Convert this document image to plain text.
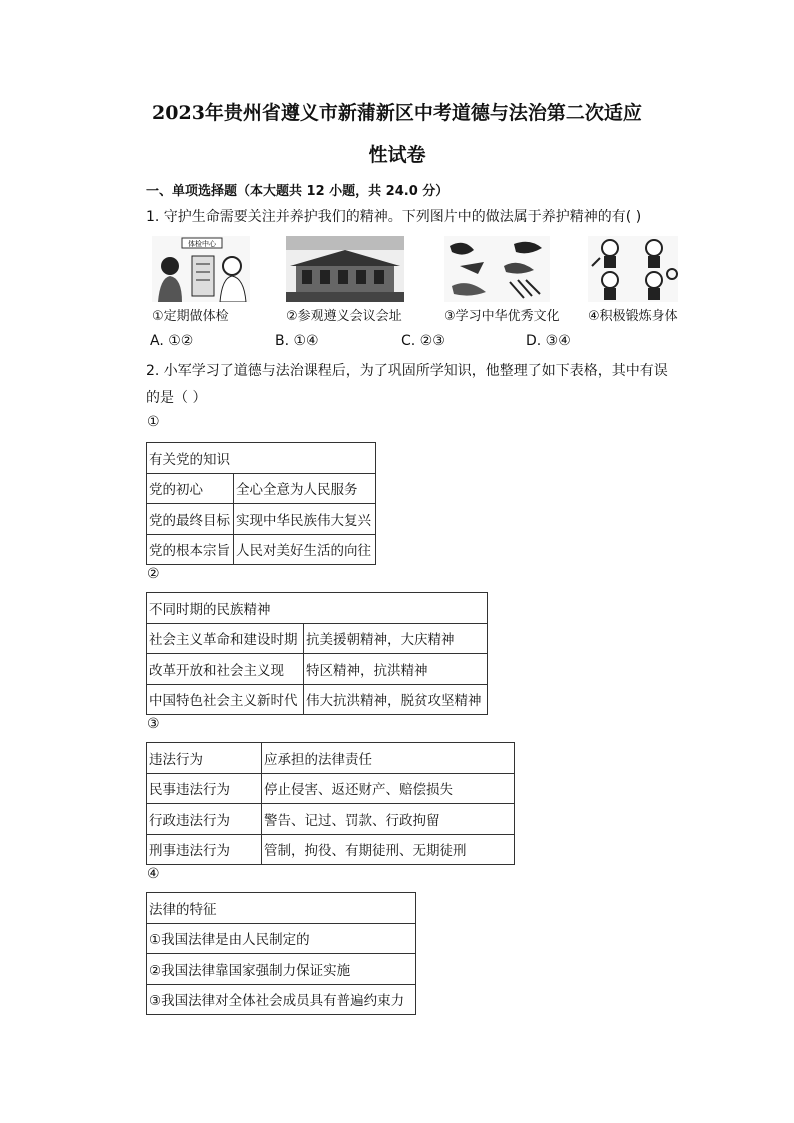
2023年贵州省遵义市新蒲新区中考道德与法治第二次适应
性试卷
一、单项选择题（本大题共 12 小题，共 24.0 分）
1. 守护生命需要关注并养护我们的精神。下列图片中的做法属于养护精神的有( )
体检中心
①定期做体检	②参观遵义会议会址	③学习中华优秀文化 ④积极锻炼身体
A. ①②	B. ①④	C. ②③	D. ③④
2. 小军学习了道德与法治课程后，为了巩固所学知识，他整理了如下表格，其中有误
的是（ ）
①
有关党的知识	
党的初心	全心全意为人民服务
党的最终目标	实现中华民族伟大复兴
党的根本宗旨	人民对美好生活的向往
②
不同时期的民族精神	
社会主义革命和建设时期	抗美援朝精神，大庆精神
改革开放和社会主义现	特区精神，抗洪精神
中国特色社会主义新时代	伟大抗洪精神，脱贫攻坚精神
③
违法行为	应承担的法律责任
民事违法行为	停止侵害、返还财产、赔偿损失
行政违法行为	警告、记过、罚款、行政拘留
刑事违法行为	管制，拘役、有期徒刑、无期徒刑
④
法律的特征
①我国法律是由人民制定的
②我国法律靠国家强制力保证实施
③我国法律对全体社会成员具有普遍约束力
